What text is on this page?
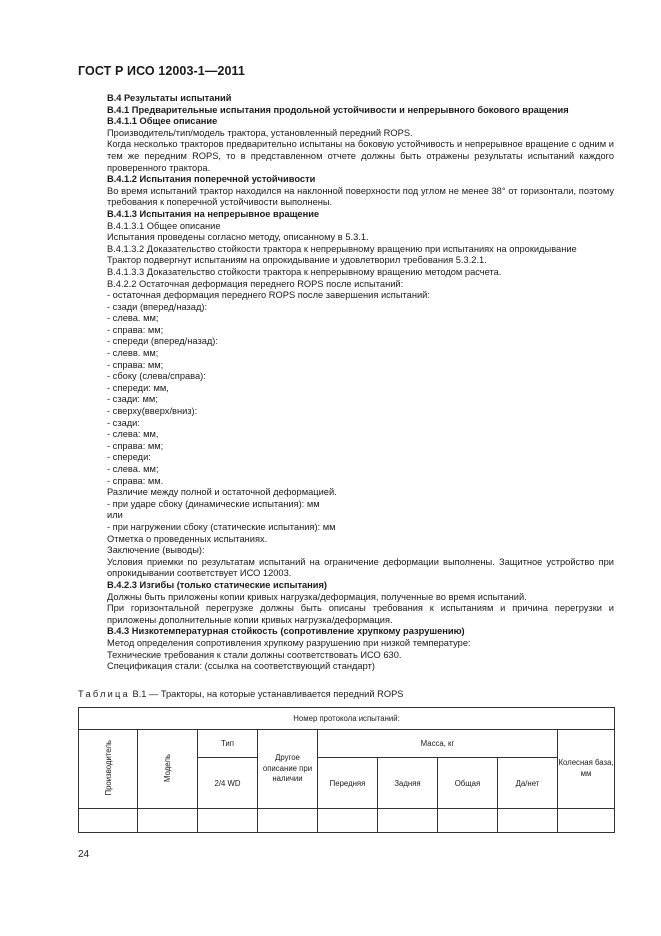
ГОСТ Р ИСО 12003-1—2011

B.4 Результаты испытаний

B.4.1 Предварительные испытания продольной устойчивости и непрерывного бокового вращения

B.4.1.1 Общее описание

Производитель/тип/модель трактора, установленный передний ROPS.

Когда несколько тракторов предварительно испытаны на боковую устойчивость и непрерывное вращение с одним и тем же передним ROPS, то в представленном отчете должны быть отражены результаты испытаний каждого проверенного трактора.

B.4.1.2 Испытания поперечной устойчивости

Во время испытаний трактор находился на наклонной поверхности под углом не менее 38° от горизонтали, поэтому требования к поперечной устойчивости выполнены.

B.4.1.3 Испытания на непрерывное вращение

B.4.1.3.1 Общее описание

Испытания проведены согласно методу, описанному в 5.3.1.

B.4.1.3.2 Доказательство стойкости трактора к непрерывному вращению при испытаниях на опрокидывание

Трактор подвергнут испытаниям на опрокидывание и удовлетворил требования 5.3.2.1.

B.4.1.3.3 Доказательство стойкости трактора к непрерывному вращению методом расчета.

B.4.2.2 Остаточная деформация переднего ROPS после испытаний:

- остаточная деформация переднего ROPS после завершения испытаний:

- сзади (вперед/назад):

- слева. мм;

- справа: мм;

- спереди (вперед/назад):

- слевв. мм;

- справа: мм;

- сбоку (слева/справа):

- спереди: мм,

- сзади: мм;

- сверху(вверх/вниз):

- сзади:

- слева: мм,

- справа: мм;

- спереди:

- слева. мм;

- справа: мм.

Различие между полной и остаточной деформацией.

- при ударе сбоку (динамические испытания): мм

или

- при нагружении сбоку (статические испытания): мм

Отметка о проведенных испытаниях.

Заключение (выводы):

Условия приемки по результатам испытаний на ограничение деформации выполнены. Защитное устройство при опрокидывании соответствует ИСО 12003.

B.4.2.3 Изгибы (только статические испытания)

Должны быть приложены копии кривых нагрузка/деформация, полученные во время испытаний.

При горизонтальной перегрузке должны быть описаны требования к испытаниям и причина перегрузки и приложены дополнительные копии кривых нагрузка/деформация.

B.4.3 Низкотемпературная стойкость (сопротивление хрупкому разрушению)

Метод определения сопротивления хрупкому разрушению при низкой температуре:

Технические требования к стали должны соответствовать ИСО 630.

Спецификация стали: (ссылка на соответствующий стандарт)

Таблица В.1 — Тракторы, на которые устанавливается передний ROPS
Номер протокола испытаний:								
Производитель	Модель	Тип	Другое описание при наличии	Масса, кг				Колесная база, мм
		2/4 WD		Передняя	Задняя	Общая	Да/нет	

24
